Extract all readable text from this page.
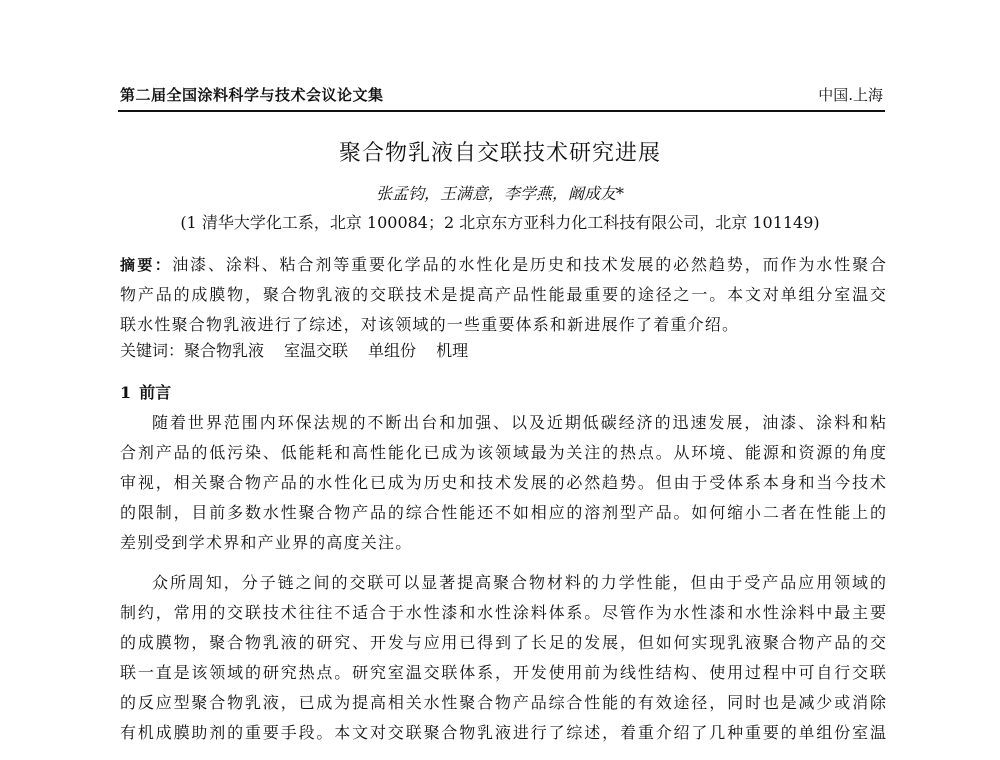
第二届全国涂料科学与技术会议论文集	中国.上海
聚合物乳液自交联技术研究进展
张孟钧，王满意，李学燕，阚成友*
(1 清华大学化工系，北京 100084；2 北京东方亚科力化工科技有限公司，北京 101149)
摘要：油漆、涂料、粘合剂等重要化学品的水性化是历史和技术发展的必然趋势，而作为水性聚合
物产品的成膜物，聚合物乳液的交联技术是提高产品性能最重要的途径之一。本文对单组分室温交
联水性聚合物乳液进行了综述，对该领域的一些重要体系和新进展作了着重介绍。
关键词：聚合物乳液 室温交联 单组份 机理
1 前言
随着世界范围内环保法规的不断出台和加强、以及近期低碳经济的迅速发展，油漆、涂料和粘
合剂产品的低污染、低能耗和高性能化已成为该领域最为关注的热点。从环境、能源和资源的角度
审视，相关聚合物产品的水性化已成为历史和技术发展的必然趋势。但由于受体系本身和当今技术
的限制，目前多数水性聚合物产品的综合性能还不如相应的溶剂型产品。如何缩小二者在性能上的
差别受到学术界和产业界的高度关注。
众所周知，分子链之间的交联可以显著提高聚合物材料的力学性能，但由于受产品应用领域的
制约，常用的交联技术往往不适合于水性漆和水性涂料体系。尽管作为水性漆和水性涂料中最主要
的成膜物，聚合物乳液的研究、开发与应用已得到了长足的发展，但如何实现乳液聚合物产品的交
联一直是该领域的研究热点。研究室温交联体系，开发使用前为线性结构、使用过程中可自行交联
的反应型聚合物乳液，已成为提高相关水性聚合物产品综合性能的有效途径，同时也是减少或消除
有机成膜助剂的重要手段。本文对交联聚合物乳液进行了综述，着重介绍了几种重要的单组份室温
